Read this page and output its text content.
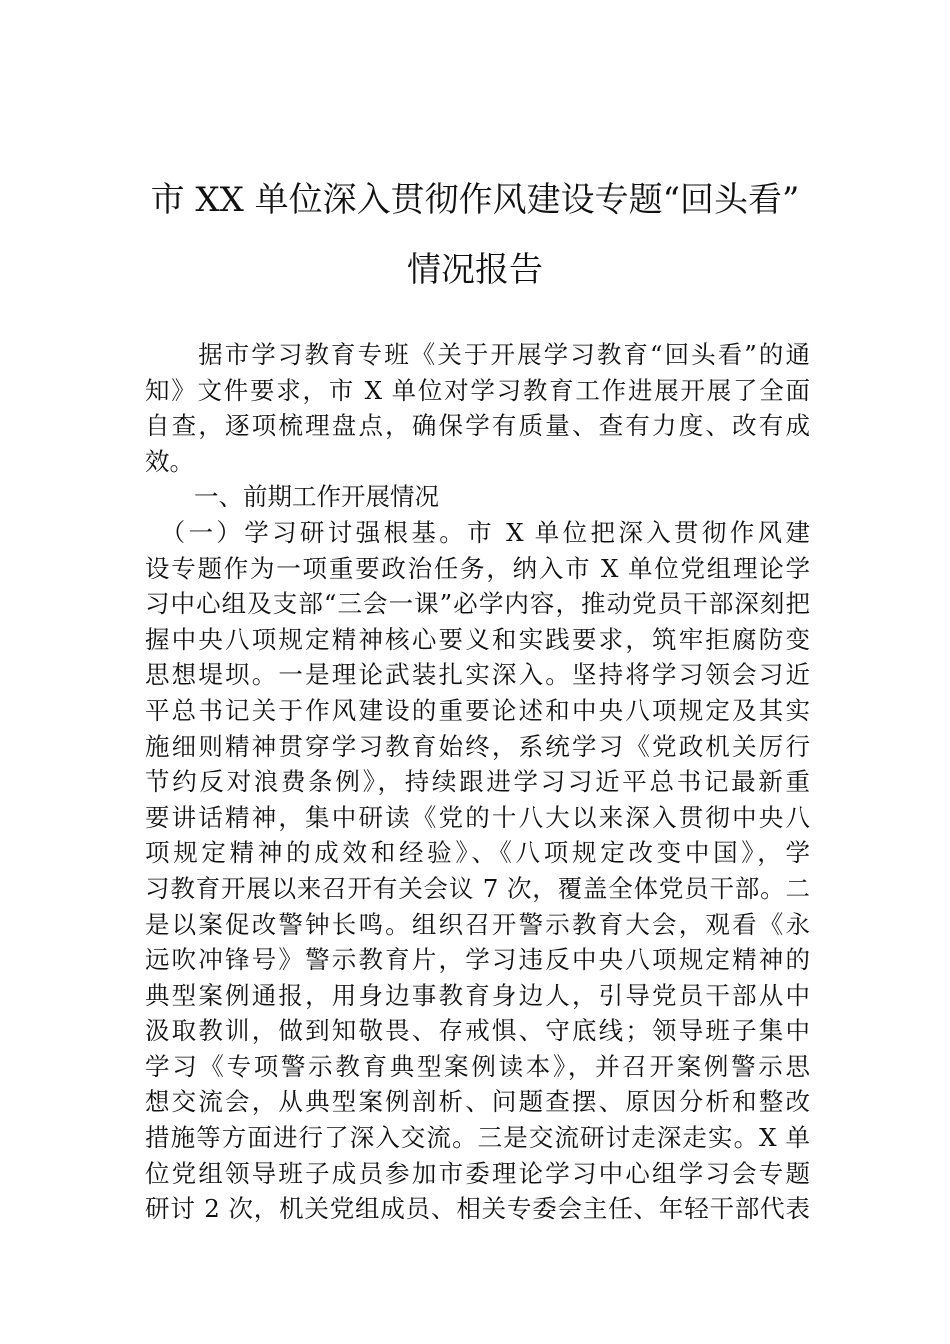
市 XX 单位深入贯彻作风建设专题“回头看”
情况报告
　　据市学习教育专班《关于开展学习教育“回头看”的通
知》文件要求，市 X 单位对学习教育工作进展开展了全面
自查，逐项梳理盘点，确保学有质量、查有力度、改有成
效。
　　一、前期工作开展情况
　（一）学习研讨强根基。市 X 单位把深入贯彻作风建
设专题作为一项重要政治任务，纳入市 X 单位党组理论学
习中心组及支部“三会一课”必学内容，推动党员干部深刻把
握中央八项规定精神核心要义和实践要求，筑牢拒腐防变
思想堤坝。一是理论武装扎实深入。坚持将学习领会习近
平总书记关于作风建设的重要论述和中央八项规定及其实
施细则精神贯穿学习教育始终，系统学习《党政机关厉行
节约反对浪费条例》，持续跟进学习习近平总书记最新重
要讲话精神，集中研读《党的十八大以来深入贯彻中央八
项规定精神的成效和经验》、《八项规定改变中国》，学
习教育开展以来召开有关会议 7 次，覆盖全体党员干部。二
是以案促改警钟长鸣。组织召开警示教育大会，观看《永
远吹冲锋号》警示教育片，学习违反中央八项规定精神的
典型案例通报，用身边事教育身边人，引导党员干部从中
汲取教训，做到知敬畏、存戒惧、守底线；领导班子集中
学习《专项警示教育典型案例读本》，并召开案例警示思
想交流会，从典型案例剖析、问题查摆、原因分析和整改
措施等方面进行了深入交流。三是交流研讨走深走实。X 单
位党组领导班子成员参加市委理论学习中心组学习会专题
研讨 2 次，机关党组成员、相关专委会主任、年轻干部代表
